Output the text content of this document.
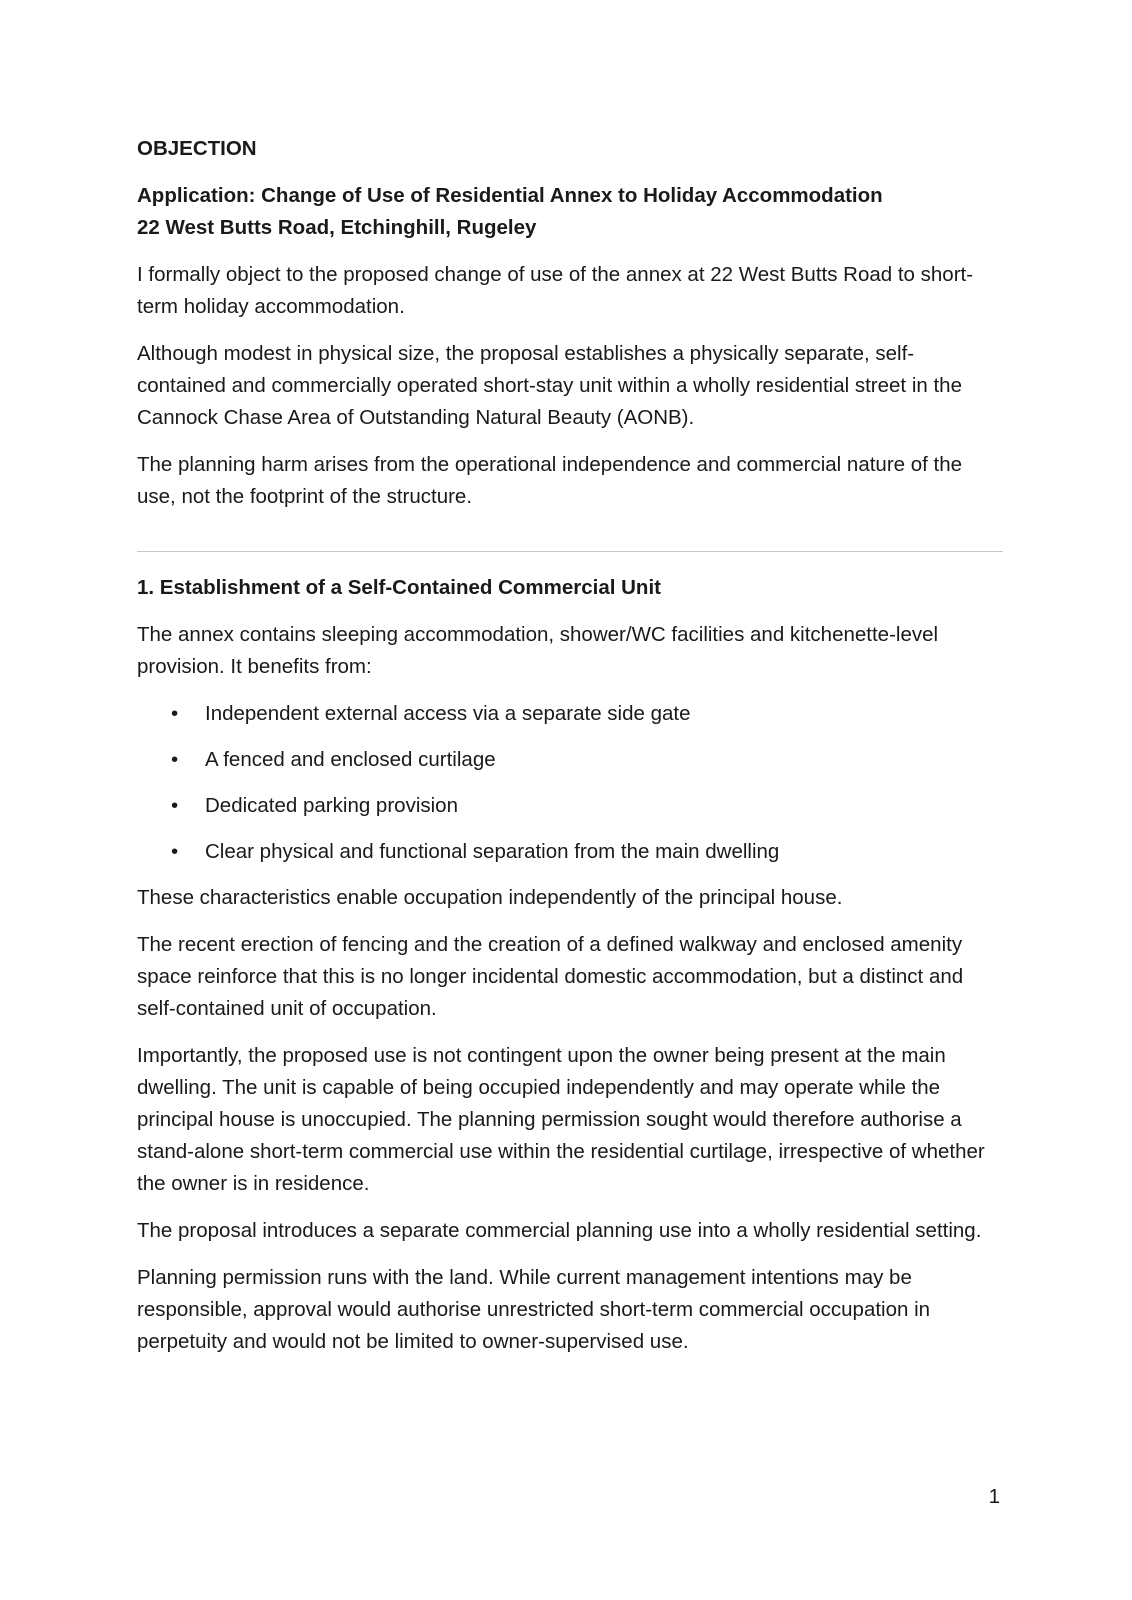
OBJECTION
Application: Change of Use of Residential Annex to Holiday Accommodation
22 West Butts Road, Etchinghill, Rugeley

I formally object to the proposed change of use of the annex at 22 West Butts Road to short-term holiday accommodation.

Although modest in physical size, the proposal establishes a physically separate, self-contained and commercially operated short-stay unit within a wholly residential street in the Cannock Chase Area of Outstanding Natural Beauty (AONB).

The planning harm arises from the operational independence and commercial nature of the use, not the footprint of the structure.

1. Establishment of a Self-Contained Commercial Unit

The annex contains sleeping accommodation, shower/WC facilities and kitchenette-level provision. It benefits from:

• Independent external access via a separate side gate
• A fenced and enclosed curtilage
• Dedicated parking provision
• Clear physical and functional separation from the main dwelling

These characteristics enable occupation independently of the principal house.

The recent erection of fencing and the creation of a defined walkway and enclosed amenity space reinforce that this is no longer incidental domestic accommodation, but a distinct and self-contained unit of occupation.

Importantly, the proposed use is not contingent upon the owner being present at the main dwelling. The unit is capable of being occupied independently and may operate while the principal house is unoccupied. The planning permission sought would therefore authorise a stand-alone short-term commercial use within the residential curtilage, irrespective of whether the owner is in residence.

The proposal introduces a separate commercial planning use into a wholly residential setting.

Planning permission runs with the land. While current management intentions may be responsible, approval would authorise unrestricted short-term commercial occupation in perpetuity and would not be limited to owner-supervised use.

1
